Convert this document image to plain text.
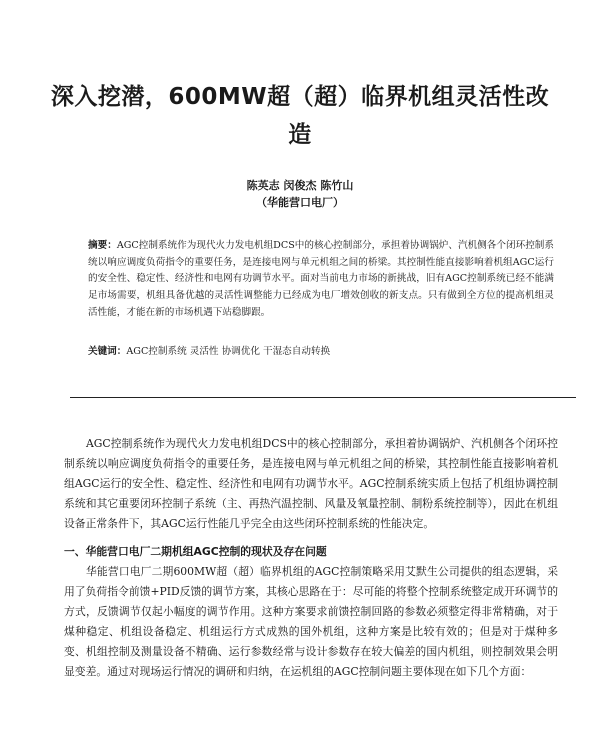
深入挖潜，600MW超（超）临界机组灵活性改造
陈英志 闵俊杰 陈竹山
（华能营口电厂）

摘要：AGC控制系统作为现代火力发电机组DCS中的核心控制部分，承担着协调锅炉、汽机侧各个闭环控制系统以响应调度负荷指令的重要任务，是连接电网与单元机组之间的桥梁。其控制性能直接影响着机组AGC运行的安全性、稳定性、经济性和电网有功调节水平。面对当前电力市场的新挑战，旧有AGC控制系统已经不能满足市场需要，机组具备优越的灵活性调整能力已经成为电厂增效创收的新支点。只有做到全方位的提高机组灵活性能，才能在新的市场机遇下站稳脚跟。

关键词：AGC控制系统 灵活性 协调优化 干湿态自动转换

AGC控制系统作为现代火力发电机组DCS中的核心控制部分，承担着协调锅炉、汽机侧各个闭环控制系统以响应调度负荷指令的重要任务，是连接电网与单元机组之间的桥梁，其控制性能直接影响着机组AGC运行的安全性、稳定性、经济性和电网有功调节水平。AGC控制系统实质上包括了机组协调控制系统和其它重要闭环控制子系统（主、再热汽温控制、风量及氧量控制、制粉系统控制等），因此在机组设备正常条件下，其AGC运行性能几乎完全由这些闭环控制系统的性能决定。

一、华能营口电厂二期机组AGC控制的现状及存在问题

华能营口电厂二期600MW超（超）临界机组的AGC控制策略采用艾默生公司提供的组态逻辑，采用了负荷指令前馈+PID反馈的调节方案，其核心思路在于：尽可能的将整个控制系统整定成开环调节的方式，反馈调节仅起小幅度的调节作用。这种方案要求前馈控制回路的参数必须整定得非常精确，对于煤种稳定、机组设备稳定、机组运行方式成熟的国外机组，这种方案是比较有效的；但是对于煤种多变、机组控制及测量设备不精确、运行参数经常与设计参数存在较大偏差的国内机组，则控制效果会明显变差。通过对现场运行情况的调研和归纳，在运机组的AGC控制问题主要体现在如下几个方面：
